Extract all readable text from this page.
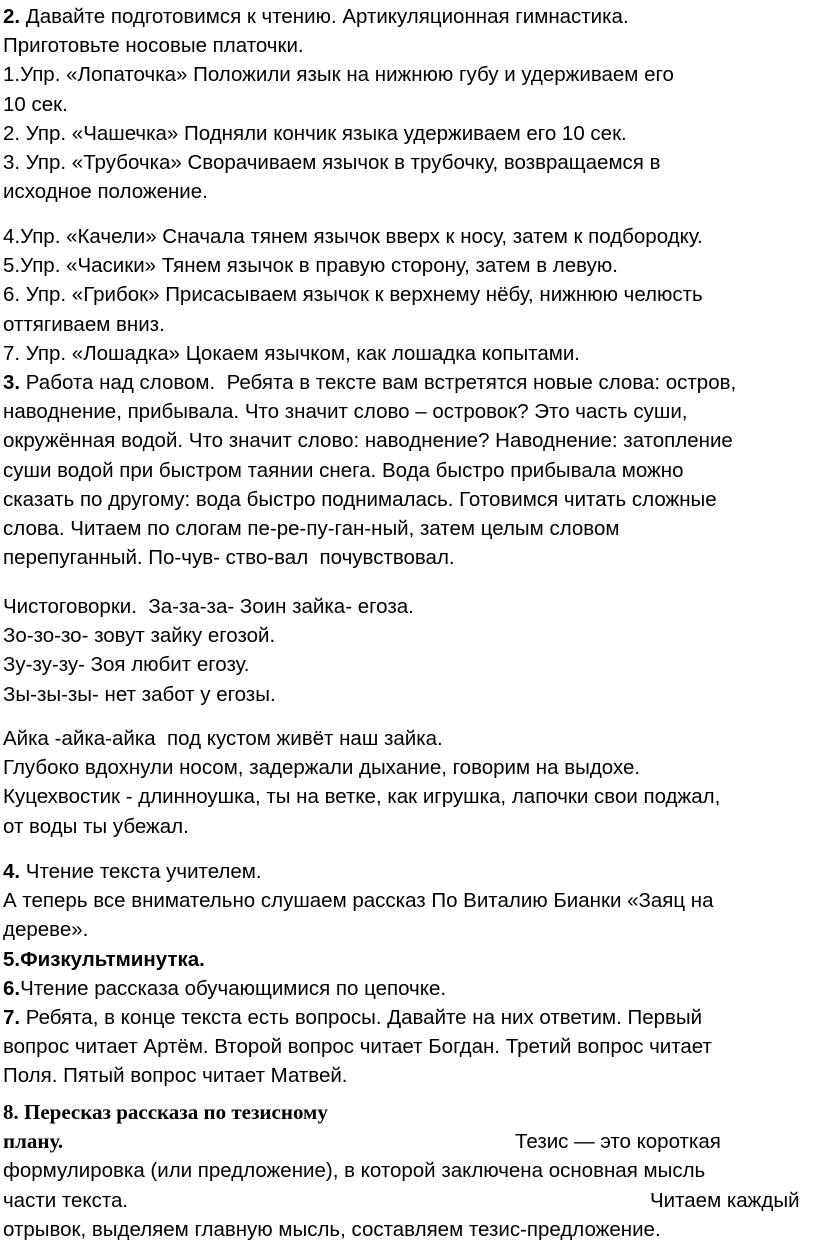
2. Давайте подготовимся к чтению. Артикуляционная гимнастика.
Приготовьте носовые платочки.
1.Упр. «Лопаточка» Положили язык на нижнюю губу и удерживаем его
10 сек.
2. Упр. «Чашечка» Подняли кончик языка удерживаем его 10 сек.
3. Упр. «Трубочка» Сворачиваем язычок в трубочку, возвращаемся в
исходное положение.
4.Упр. «Качели» Сначала тянем язычок вверх к носу, затем к подбородку.
5.Упр. «Часики» Тянем язычок в правую сторону, затем в левую.
6. Упр. «Грибок» Присасываем язычок к верхнему нёбу, нижнюю челюсть
оттягиваем вниз.
7. Упр. «Лошадка» Цокаем язычком, как лошадка копытами.
3. Работа над словом.  Ребята в тексте вам встретятся новые слова: остров,
наводнение, прибывала. Что значит слово – островок? Это часть суши,
окружённая водой. Что значит слово: наводнение? Наводнение: затопление
суши водой при быстром таянии снега. Вода быстро прибывала можно
сказать по другому: вода быстро поднималась. Готовимся читать сложные
слова. Читаем по слогам пе-ре-пу-ган-ный, затем целым словом
перепуганный. По-чув- ство-вал  почувствовал.
Чистоговорки.  За-за-за- Зоин зайка- егоза.
Зо-зо-зо- зовут зайку егозой.
Зу-зу-зу- Зоя любит егозу.
Зы-зы-зы- нет забот у егозы.
Айка -айка-айка  под кустом живёт наш зайка.
Глубоко вдохнули носом, задержали дыхание, говорим на выдохе.
Куцехвостик - длинноушка, ты на ветке, как игрушка, лапочки свои поджал,
от воды ты убежал.
4. Чтение текста учителем.
А теперь все внимательно слушаем рассказ По Виталию Бианки «Заяц на
дереве».
5.Физкультминутка.
6.Чтение рассказа обучающимися по цепочке.
7. Ребята, в конце текста есть вопросы. Давайте на них ответим. Первый
вопрос читает Артём. Второй вопрос читает Богдан. Третий вопрос читает
Поля. Пятый вопрос читает Матвей.
8. Пересказ рассказа по тезисному
плану.	Тезис — это короткая
формулировка (или предложение), в которой заключена основная мысль
части текста.	Читаем каждый
отрывок, выделяем главную мысль, составляем тезис-предложение.
